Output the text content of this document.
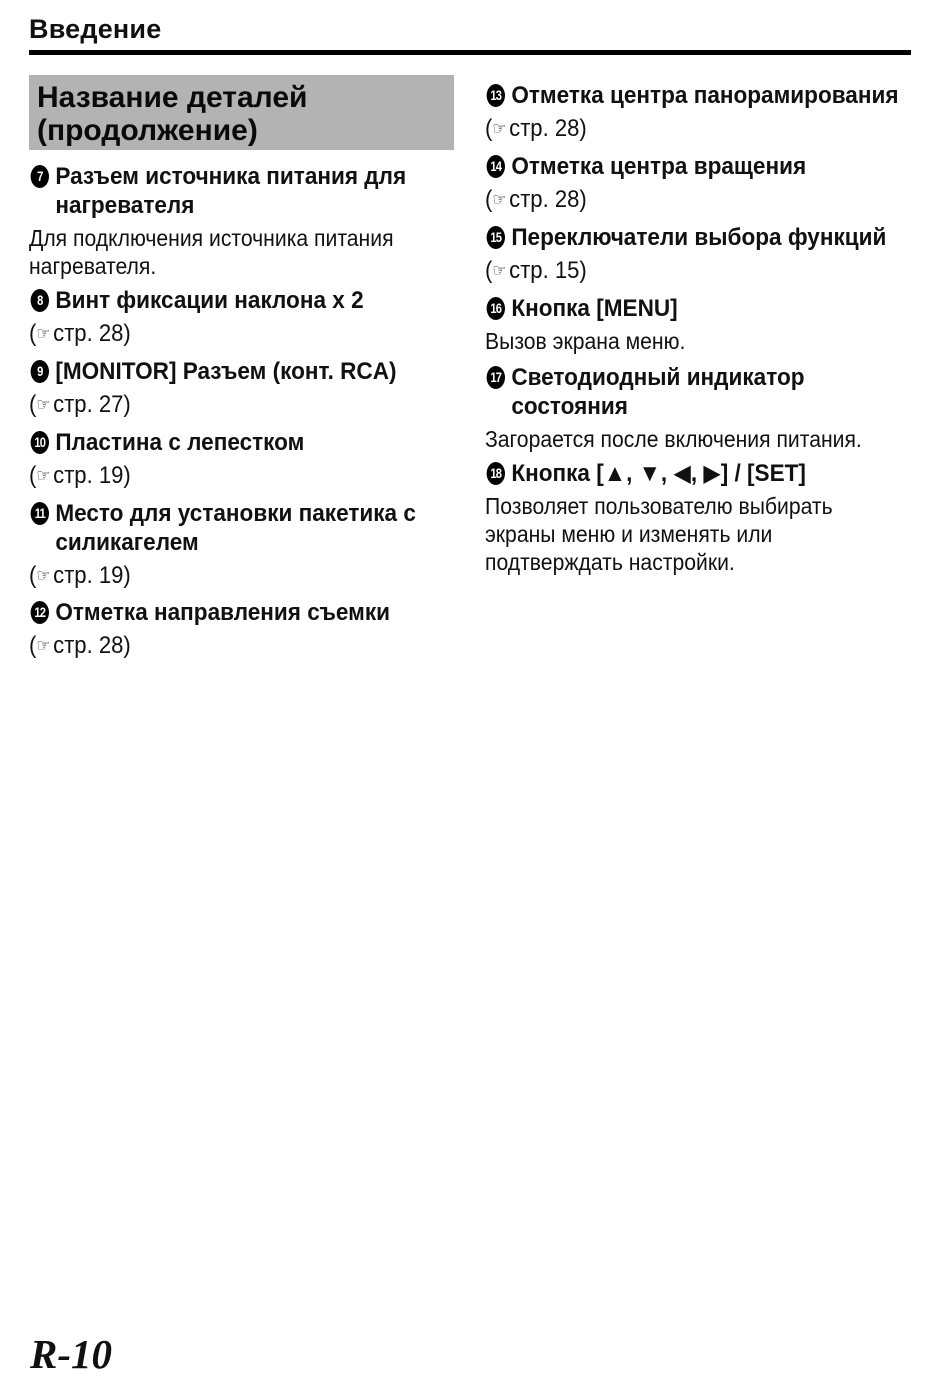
Введение
Название деталей
(продолжение)
7 Разъем источника питания для
нагревателя
Для подключения источника питания
нагревателя.
8 Винт фиксации наклона x 2
(☞ стр. 28)
9 [MONITOR] Разъем (конт. RCA)
(☞ стр. 27)
10 Пластина с лепестком
(☞ стр. 19)
11 Место для установки пакетика с
силикагелем
(☞ стр. 19)
12 Отметка направления съемки
(☞ стр. 28)
13 Отметка центра панорамирования
(☞ стр. 28)
14 Отметка центра вращения
(☞ стр. 28)
15 Переключатели выбора функций
(☞ стр. 15)
16 Кнопка [MENU]
Вызов экрана меню.
17 Светодиодный индикатор
состояния
Загорается после включения питания.
18 Кнопка [▲, ▼, ◀, ▶] / [SET]
Позволяет пользователю выбирать
экраны меню и изменять или
подтверждать настройки.
R-10
